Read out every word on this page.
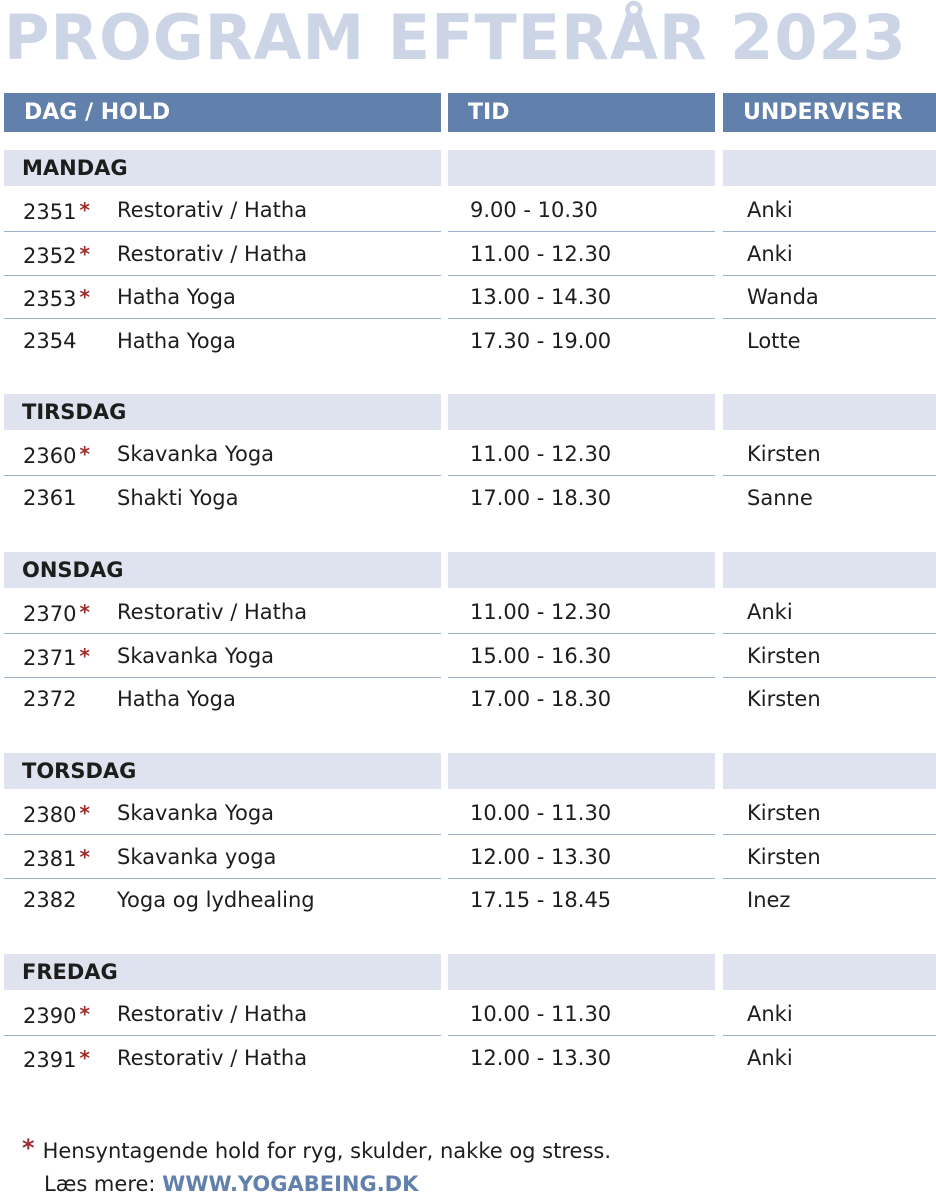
PROGRAM EFTERÅR 2023
DAG / HOLD	TID	UNDERVISER
MANDAG
2351 * Restorativ / Hatha	9.00 - 10.30	Anki
2352 * Restorativ / Hatha	11.00 - 12.30	Anki
2353 * Hatha Yoga	13.00 - 14.30	Wanda
2354 Hatha Yoga	17.30 - 19.00	Lotte
TIRSDAG
2360 * Skavanka Yoga	11.00 - 12.30	Kirsten
2361 Shakti Yoga	17.00 - 18.30	Sanne
ONSDAG
2370 * Restorativ / Hatha	11.00 - 12.30	Anki
2371 * Skavanka Yoga	15.00 - 16.30	Kirsten
2372 Hatha Yoga	17.00 - 18.30	Kirsten
TORSDAG
2380 * Skavanka Yoga	10.00 - 11.30	Kirsten
2381 * Skavanka yoga	12.00 - 13.30	Kirsten
2382 Yoga og lydhealing	17.15 - 18.45	Inez
FREDAG
2390 * Restorativ / Hatha	10.00 - 11.30	Anki
2391 * Restorativ / Hatha	12.00 - 13.30	Anki
* Hensyntagende hold for ryg, skulder, nakke og stress.
Læs mere: WWW.YOGABEING.DK
